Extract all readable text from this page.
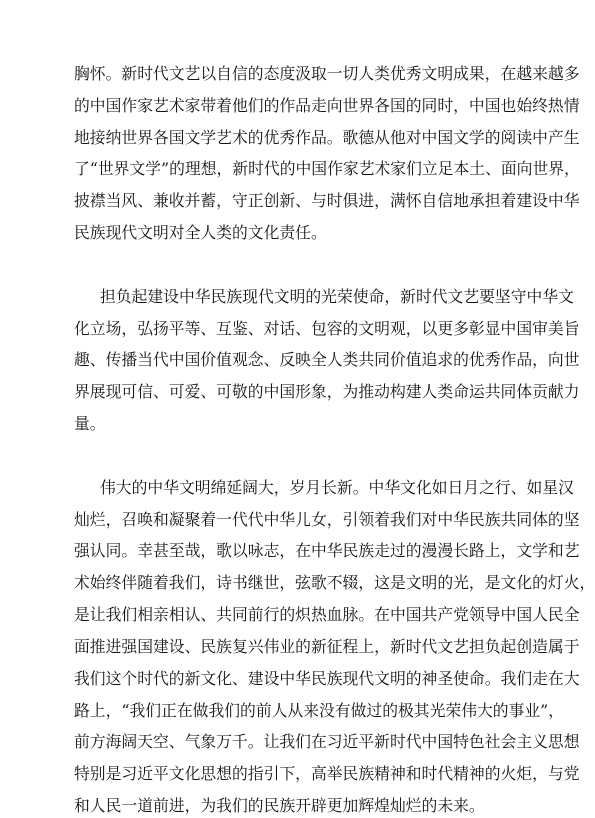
胸怀。新时代文艺以自信的态度汲取一切人类优秀文明成果，在越来越多
的中国作家艺术家带着他们的作品走向世界各国的同时，中国也始终热情
地接纳世界各国文学艺术的优秀作品。歌德从他对中国文学的阅读中产生
了“世界文学”的理想，新时代的中国作家艺术家们立足本土、面向世界，
披襟当风、兼收并蓄，守正创新、与时俱进，满怀自信地承担着建设中华
民族现代文明对全人类的文化责任。
担负起建设中华民族现代文明的光荣使命，新时代文艺要坚守中华文
化立场，弘扬平等、互鉴、对话、包容的文明观，以更多彰显中国审美旨
趣、传播当代中国价值观念、反映全人类共同价值追求的优秀作品，向世
界展现可信、可爱、可敬的中国形象，为推动构建人类命运共同体贡献力
量。
伟大的中华文明绵延阔大，岁月长新。中华文化如日月之行、如星汉
灿烂，召唤和凝聚着一代代中华儿女，引领着我们对中华民族共同体的坚
强认同。幸甚至哉，歌以咏志，在中华民族走过的漫漫长路上，文学和艺
术始终伴随着我们，诗书继世，弦歌不辍，这是文明的光，是文化的灯火，
是让我们相亲相认、共同前行的炽热血脉。在中国共产党领导中国人民全
面推进强国建设、民族复兴伟业的新征程上，新时代文艺担负起创造属于
我们这个时代的新文化、建设中华民族现代文明的神圣使命。我们走在大
路上，“我们正在做我们的前人从来没有做过的极其光荣伟大的事业”，
前方海阔天空、气象万千。让我们在习近平新时代中国特色社会主义思想
特别是习近平文化思想的指引下，高举民族精神和时代精神的火炬，与党
和人民一道前进，为我们的民族开辟更加辉煌灿烂的未来。
